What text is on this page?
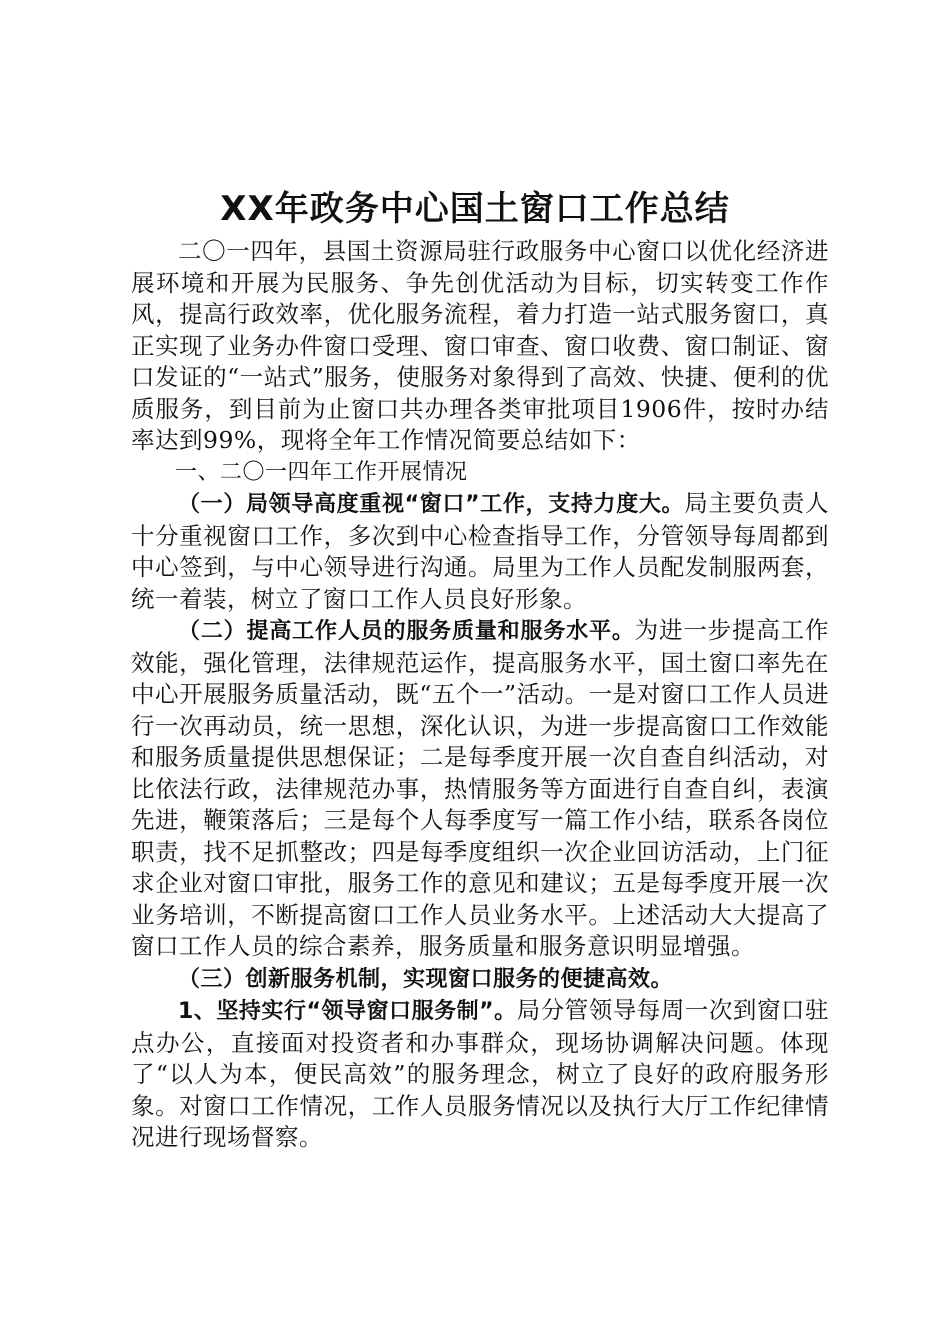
XX年政务中心国土窗口工作总结

二〇一四年，县国土资源局驻行政服务中心窗口以优化经济进展环境和开展为民服务、争先创优活动为目标，切实转变工作作风，提高行政效率，优化服务流程，着力打造一站式服务窗口，真正实现了业务办件窗口受理、窗口审查、窗口收费、窗口制证、窗口发证的“一站式”服务，使服务对象得到了高效、快捷、便利的优质服务，到目前为止窗口共办理各类审批项目1906件，按时办结率达到99%，现将全年工作情况简要总结如下：

一、二〇一四年工作开展情况

（一）局领导高度重视“窗口”工作，支持力度大。局主要负责人十分重视窗口工作，多次到中心检查指导工作，分管领导每周都到中心签到，与中心领导进行沟通。局里为工作人员配发制服两套，统一着装，树立了窗口工作人员良好形象。

（二）提高工作人员的服务质量和服务水平。为进一步提高工作效能，强化管理，法律规范运作，提高服务水平，国土窗口率先在中心开展服务质量活动，既“五个一”活动。一是对窗口工作人员进行一次再动员，统一思想，深化认识，为进一步提高窗口工作效能和服务质量提供思想保证；二是每季度开展一次自查自纠活动，对比依法行政，法律规范办事，热情服务等方面进行自查自纠，表演先进，鞭策落后；三是每个人每季度写一篇工作小结，联系各岗位职责，找不足抓整改；四是每季度组织一次企业回访活动，上门征求企业对窗口审批，服务工作的意见和建议；五是每季度开展一次业务培训，不断提高窗口工作人员业务水平。上述活动大大提高了窗口工作人员的综合素养，服务质量和服务意识明显增强。

（三）创新服务机制，实现窗口服务的便捷高效。

1、坚持实行“领导窗口服务制”。局分管领导每周一次到窗口驻点办公，直接面对投资者和办事群众，现场协调解决问题。体现了“以人为本，便民高效”的服务理念，树立了良好的政府服务形象。对窗口工作情况，工作人员服务情况以及执行大厅工作纪律情况进行现场督察。
